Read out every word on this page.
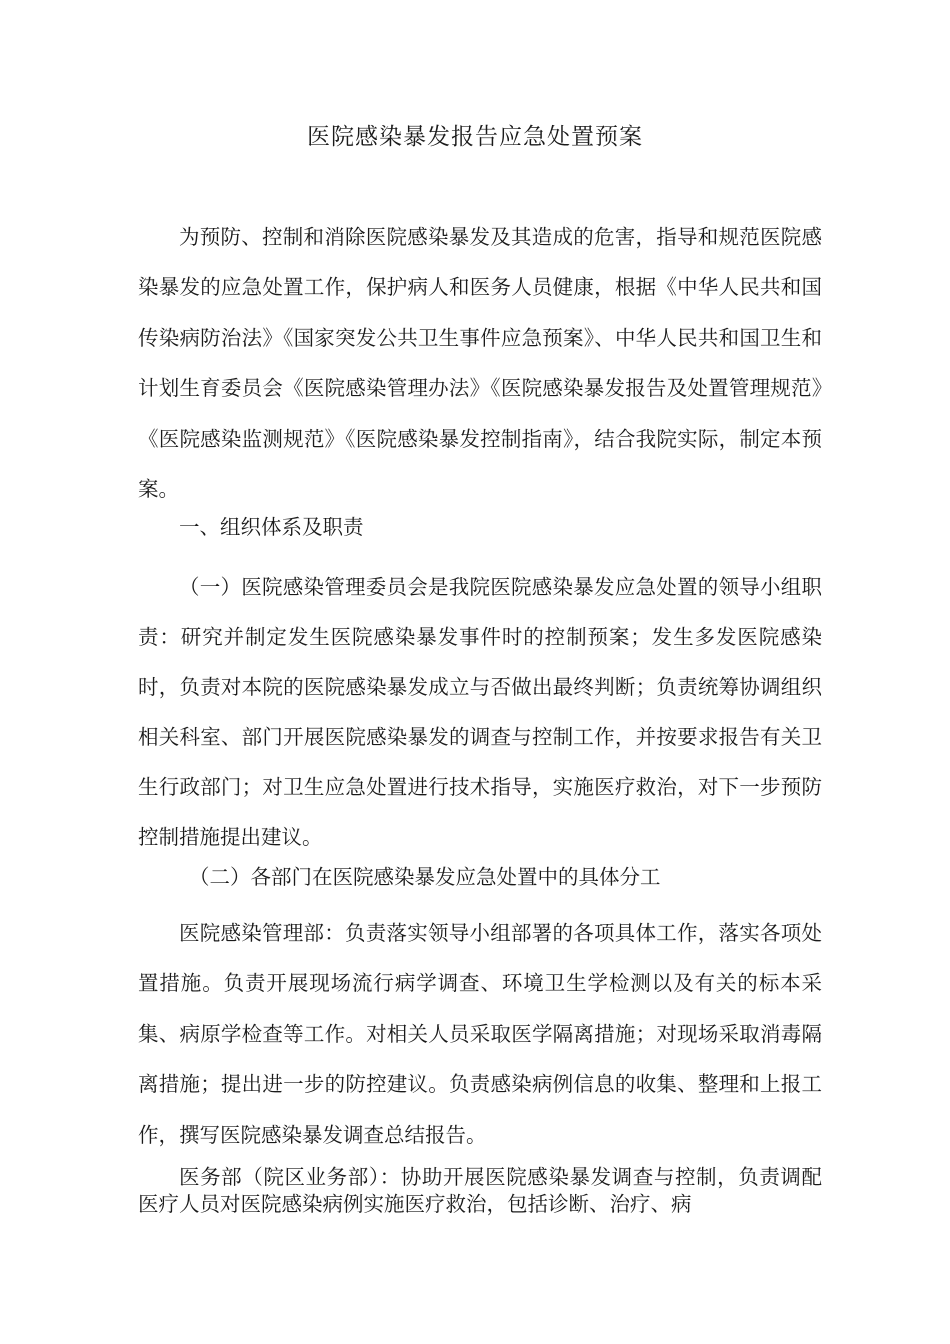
医院感染暴发报告应急处置预案

为预防、控制和消除医院感染暴发及其造成的危害，指导和规范医院感染暴发的应急处置工作，保护病人和医务人员健康，根据《中华人民共和国传染病防治法》《国家突发公共卫生事件应急预案》、中华人民共和国卫生和计划生育委员会《医院感染管理办法》《医院感染暴发报告及处置管理规范》《医院感染监测规范》《医院感染暴发控制指南》，结合我院实际，制定本预案。

一、组织体系及职责

（一）医院感染管理委员会是我院医院感染暴发应急处置的领导小组职责：研究并制定发生医院感染暴发事件时的控制预案；发生多发医院感染时，负责对本院的医院感染暴发成立与否做出最终判断；负责统筹协调组织相关科室、部门开展医院感染暴发的调查与控制工作，并按要求报告有关卫生行政部门；对卫生应急处置进行技术指导，实施医疗救治，对下一步预防控制措施提出建议。

（二）各部门在医院感染暴发应急处置中的具体分工

医院感染管理部：负责落实领导小组部署的各项具体工作，落实各项处置措施。负责开展现场流行病学调查、环境卫生学检测以及有关的标本采集、病原学检查等工作。对相关人员采取医学隔离措施；对现场采取消毒隔离措施；提出进一步的防控建议。负责感染病例信息的收集、整理和上报工作，撰写医院感染暴发调查总结报告。

医务部（院区业务部）：协助开展医院感染暴发调查与控制，负责调配医疗人员对医院感染病例实施医疗救治，包括诊断、治疗、病
